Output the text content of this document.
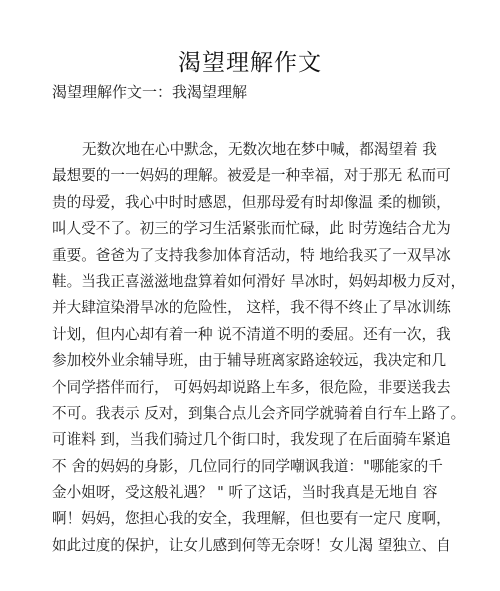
渴望理解作文
渴望理解作文一：我渴望理解
无数次地在心中默念，无数次地在梦中喊，都渴望着 我
最想要的一一妈妈的理解。被爱是一种幸福，对于那无 私而可
贵的母爱，我心中时时感恩，但那母爱有时却像温 柔的枷锁，
叫人受不了。初三的学习生活紧张而忙碌，此 时劳逸结合尤为
重要。爸爸为了支持我参加体育活动，特 地给我买了一双旱冰
鞋。当我正喜滋滋地盘算着如何滑好 旱冰时，妈妈却极力反对，
并大肆渲染滑旱冰的危险性， 这样，我不得不终止了旱冰训练
计划，但内心却有着一种 说不清道不明的委屈。还有一次，我
参加校外业余辅导班，由于辅导班离家路途较远，我决定和几
个同学搭伴而行， 可妈妈却说路上车多，很危险，非要送我去
不可。我表示 反对，到集合点儿会齐同学就骑着自行车上路了。
可谁料 到，当我们骑过几个街口时，我发现了在后面骑车紧追
不 舍的妈妈的身影，几位同行的同学嘲讽我道："哪能家的千
金小姐呀，受这般礼遇？ " 听了这话，当时我真是无地自 容
啊！妈妈，您担心我的安全，我理解，但也要有一定尺 度啊，
如此过度的保护，让女儿感到何等无奈呀！女儿渴 望独立、自
